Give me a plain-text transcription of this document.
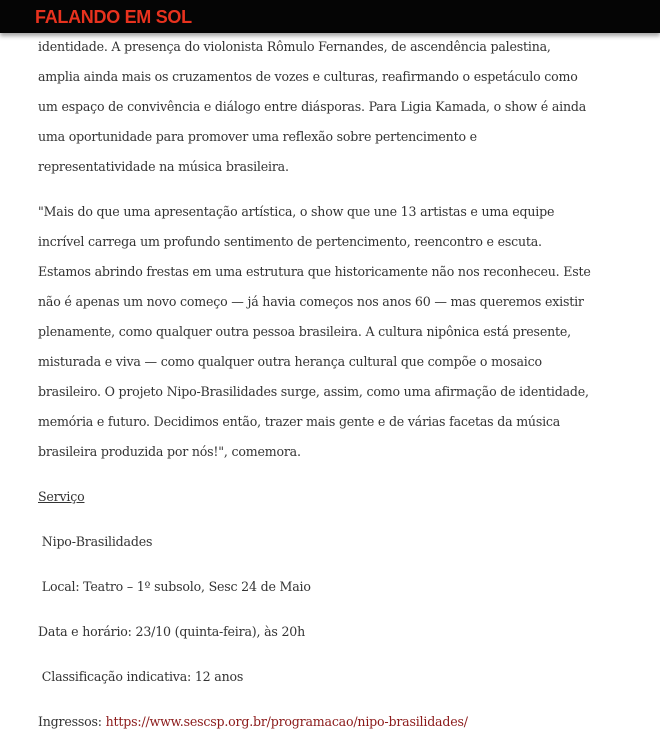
FALANDO EM SOL

identidade. A presença do violonista Rômulo Fernandes, de ascendência palestina, amplia ainda mais os cruzamentos de vozes e culturas, reafirmando o espetáculo como um espaço de convivência e diálogo entre diásporas. Para Ligia Kamada, o show é ainda uma oportunidade para promover uma reflexão sobre pertencimento e representatividade na música brasileira.

"Mais do que uma apresentação artística, o show que une 13 artistas e uma equipe incrível carrega um profundo sentimento de pertencimento, reencontro e escuta. Estamos abrindo frestas em uma estrutura que historicamente não nos reconheceu. Este não é apenas um novo começo — já havia começos nos anos 60 — mas queremos existir plenamente, como qualquer outra pessoa brasileira. A cultura nipônica está presente, misturada e viva — como qualquer outra herança cultural que compõe o mosaico brasileiro. O projeto Nipo-Brasilidades surge, assim, como uma afirmação de identidade, memória e futuro. Decidimos então, trazer mais gente e de várias facetas da música brasileira produzida por nós!", comemora.

Serviço

Nipo-Brasilidades

Local: Teatro – 1º subsolo, Sesc 24 de Maio

Data e horário: 23/10 (quinta-feira), às 20h

Classificação indicativa: 12 anos

Ingressos: https://www.sescsp.org.br/programacao/nipo-brasilidades/
